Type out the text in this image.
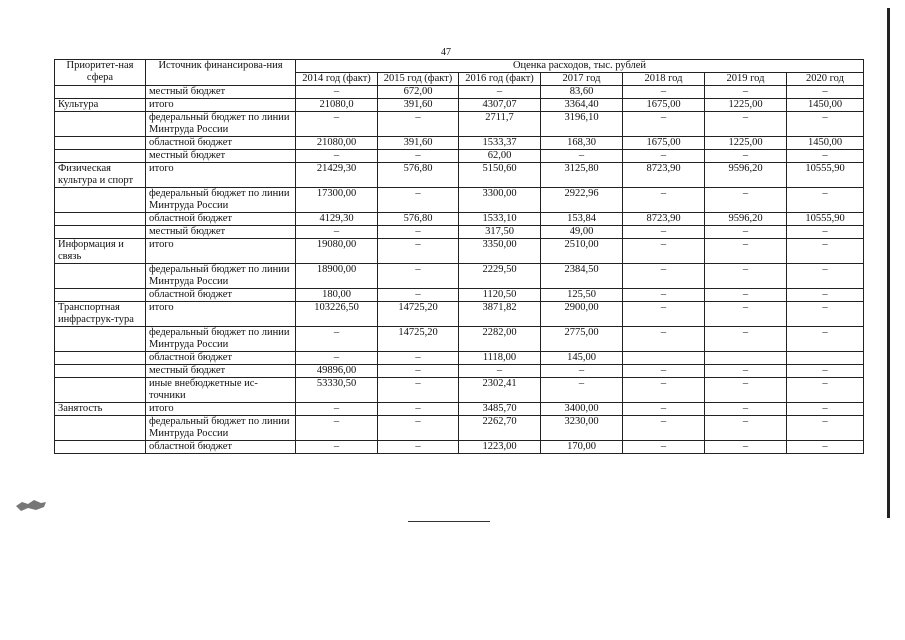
47
Приоритет-ная сфера	Источник финансирова-ния	Оценка расходов, тыс. рублей						
		2014 год (факт)	2015 год (факт)	2016 год (факт)	2017 год	2018 год	2019 год	2020 год
	местный бюджет	–	672,00	–	83,60	–	–	–
Культура	итого	21080,0	391,60	4307,07	3364,40	1675,00	1225,00	1450,00
	федеральный бюджет по линии Минтруда России	–	–	2711,7	3196,10	–	–	–
	областной бюджет	21080,00	391,60	1533,37	168,30	1675,00	1225,00	1450,00
	местный бюджет	–	–	62,00	–	–	–	–
Физическая культура и спорт	итого	21429,30	576,80	5150,60	3125,80	8723,90	9596,20	10555,90
	федеральный бюджет по линии Минтруда России	17300,00	–	3300,00	2922,96	–	–	–
	областной бюджет	4129,30	576,80	1533,10	153,84	8723,90	9596,20	10555,90
	местный бюджет	–	–	317,50	49,00	–	–	–
Информация и связь	итого	19080,00	–	3350,00	2510,00	–	–	–
	федеральный бюджет по линии Минтруда России	18900,00	–	2229,50	2384,50	–	–	–
	областной бюджет	180,00	–	1120,50	125,50	–	–	–
Транспортная инфраструк-тура	итого	103226,50	14725,20	3871,82	2900,00	–	–	–
	федеральный бюджет по линии Минтруда России	–	14725,20	2282,00	2775,00	–	–	–
	областной бюджет	–	–	1118,00	145,00			
	местный бюджет	49896,00	–	–	–	–	–	–
	иные внебюджетные ис-точники	53330,50	–	2302,41	–	–	–	–
Занятость	итого	–	–	3485,70	3400,00	–	–	–
	федеральный бюджет по линии Минтруда России	–	–	2262,70	3230,00	–	–	–
	областной бюджет	–	–	1223,00	170,00	–	–	–
